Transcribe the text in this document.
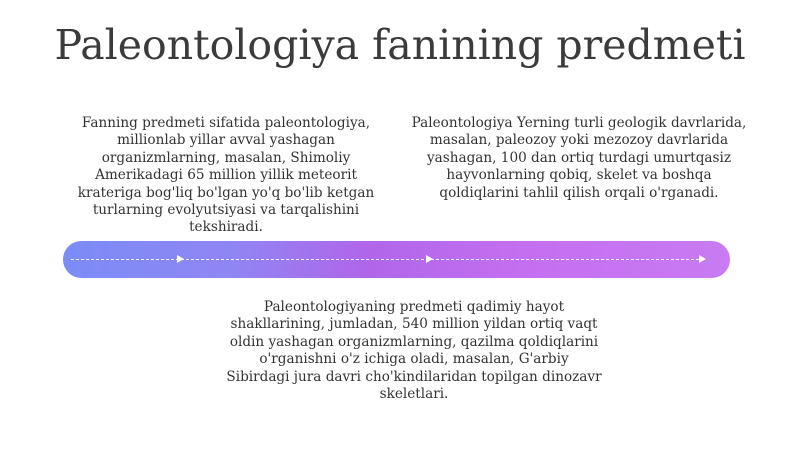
Paleontologiya fanining predmeti
Fanning predmeti sifatida paleontologiya, millionlab yillar avval yashagan organizmlarning, masalan, Shimoliy Amerikadagi 65 million yillik meteorit krateriga bog'liq bo'lgan yo'q bo'lib ketgan turlarning evolyutsiyasi va tarqalishini tekshiradi.
Paleontologiya Yerning turli geologik davrlarida, masalan, paleozoy yoki mezozoy davrlarida yashagan, 100 dan ortiq turdagi umurtqasiz hayvonlarning qobiq, skelet va boshqa qoldiqlarini tahlil qilish orqali o'rganadi.
Paleontologiyaning predmeti qadimiy hayot shakllarining, jumladan, 540 million yildan ortiq vaqt oldin yashagan organizmlarning, qazilma qoldiqlarini o'rganishni o'z ichiga oladi, masalan, G'arbiy Sibirdagi jura davri cho'kindilaridan topilgan dinozavr skeletlari.
